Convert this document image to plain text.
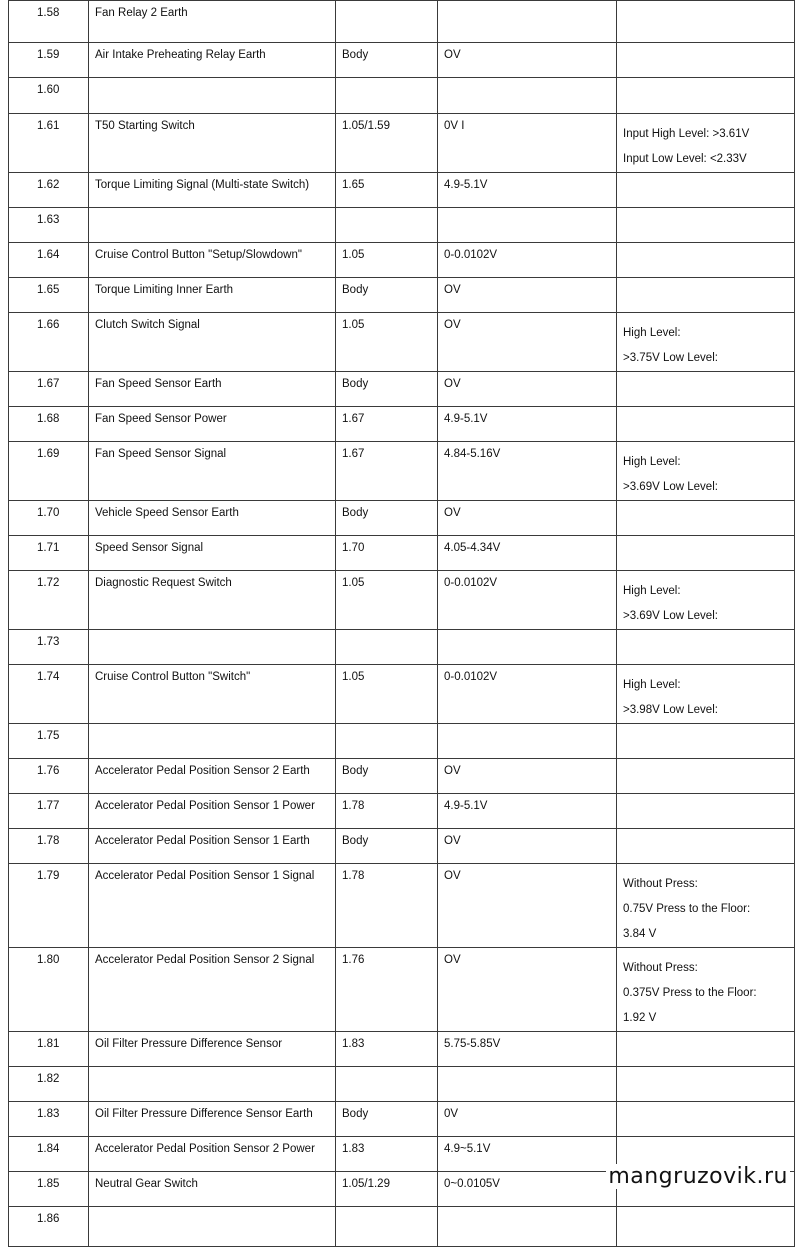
1.58	Fan Relay 2 Earth			
1.59	Air Intake Preheating Relay Earth	Body	OV	
1.60				
1.61	T50 Starting Switch	1.05/1.59	0V I	Input High Level: >3.61V
Input Low Level: <2.33V

1.62	Torque Limiting Signal (Multi-state Switch)	1.65	4.9-5.1V	
1.63				
1.64	Cruise Control Button "Setup/Slowdown"	1.05	0-0.0102V	
1.65	Torque Limiting Inner Earth	Body	OV	
1.66	Clutch Switch Signal	1.05	OV	High Level:
>3.75V Low Level:

1.67	Fan Speed Sensor Earth	Body	OV	
1.68	Fan Speed Sensor Power	1.67	4.9-5.1V	
1.69	Fan Speed Sensor Signal	1.67	4.84-5.16V	High Level:
>3.69V Low Level:

1.70	Vehicle Speed Sensor Earth	Body	OV	
1.71	Speed Sensor Signal	1.70	4.05-4.34V	
1.72	Diagnostic Request Switch	1.05	0-0.0102V	High Level:
>3.69V Low Level:

1.73				
1.74	Cruise Control Button "Switch"	1.05	0-0.0102V	High Level:
>3.98V Low Level:

1.75				
1.76	Accelerator Pedal Position Sensor 2 Earth	Body	OV	
1.77	Accelerator Pedal Position Sensor 1 Power	1.78	4.9-5.1V	
1.78	Accelerator Pedal Position Sensor 1 Earth	Body	OV	
1.79	Accelerator Pedal Position Sensor 1 Signal	1.78	OV	Without Press:
0.75V Press to the Floor:
3.84 V

1.80	Accelerator Pedal Position Sensor 2 Signal	1.76	OV	Without Press:
0.375V Press to the Floor:
1.92 V

1.81	Oil Filter Pressure Difference Sensor	1.83	5.75-5.85V	
1.82				
1.83	Oil Filter Pressure Difference Sensor Earth	Body	0V	
1.84	Accelerator Pedal Position Sensor 2 Power	1.83	4.9~5.1V	
1.85	Neutral Gear Switch	1.05/1.29	0~0.0105V	
1.86				
mangruzovik.ru
